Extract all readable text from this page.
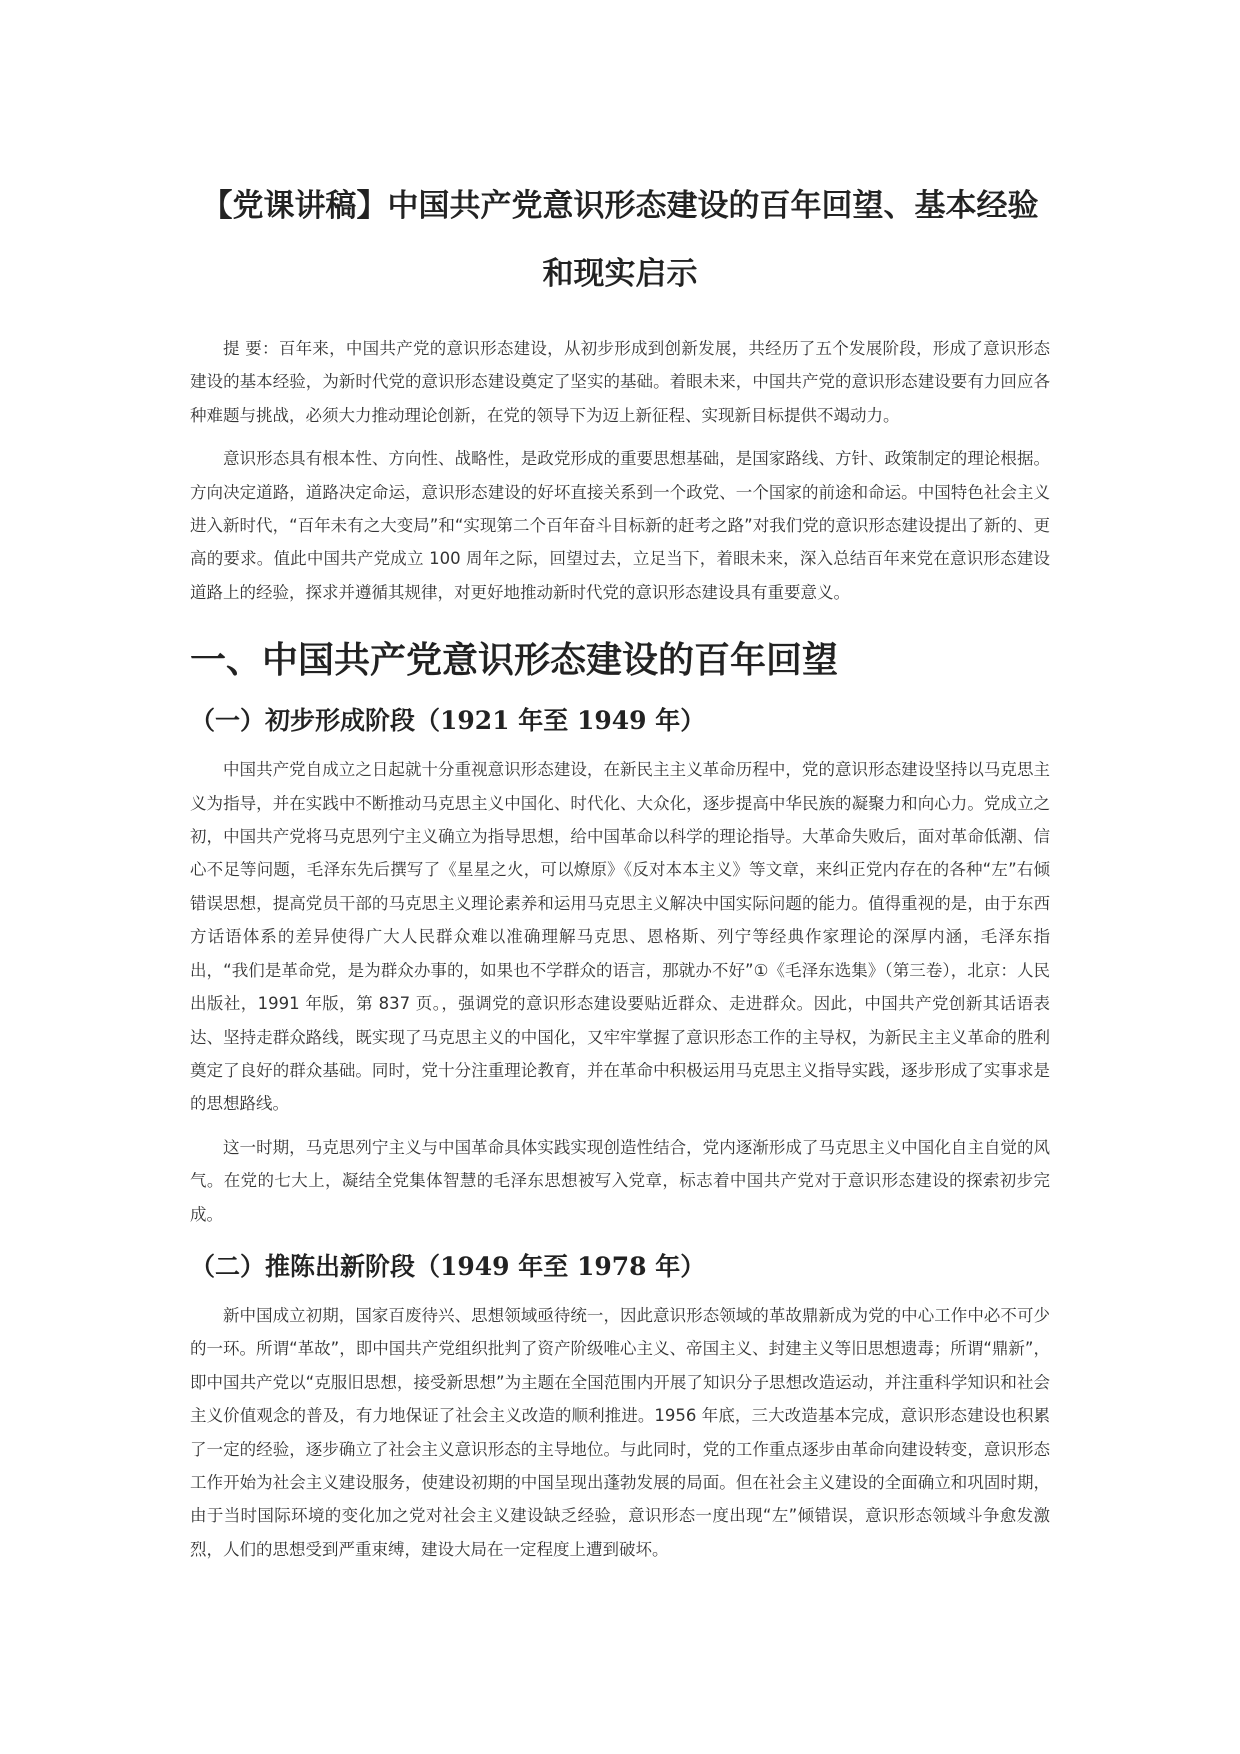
【党课讲稿】中国共产党意识形态建设的百年回望、基本经验和现实启示

提 要：百年来，中国共产党的意识形态建设，从初步形成到创新发展，共经历了五个发展阶段，形成了意识形态建设的基本经验，为新时代党的意识形态建设奠定了坚实的基础。着眼未来，中国共产党的意识形态建设要有力回应各种难题与挑战，必须大力推动理论创新，在党的领导下为迈上新征程、实现新目标提供不竭动力。

意识形态具有根本性、方向性、战略性，是政党形成的重要思想基础，是国家路线、方针、政策制定的理论根据。方向决定道路，道路决定命运，意识形态建设的好坏直接关系到一个政党、一个国家的前途和命运。中国特色社会主义进入新时代，“百年未有之大变局”和“实现第二个百年奋斗目标新的赶考之路”对我们党的意识形态建设提出了新的、更高的要求。值此中国共产党成立 100 周年之际，回望过去，立足当下，着眼未来，深入总结百年来党在意识形态建设道路上的经验，探求并遵循其规律，对更好地推动新时代党的意识形态建设具有重要意义。

一、中国共产党意识形态建设的百年回望
（一）初步形成阶段（1921 年至 1949 年）

中国共产党自成立之日起就十分重视意识形态建设，在新民主主义革命历程中，党的意识形态建设坚持以马克思主义为指导，并在实践中不断推动马克思主义中国化、时代化、大众化，逐步提高中华民族的凝聚力和向心力。党成立之初，中国共产党将马克思列宁主义确立为指导思想，给中国革命以科学的理论指导。大革命失败后，面对革命低潮、信心不足等问题，毛泽东先后撰写了《星星之火，可以燎原》《反对本本主义》等文章，来纠正党内存在的各种“左”右倾错误思想，提高党员干部的马克思主义理论素养和运用马克思主义解决中国实际问题的能力。值得重视的是，由于东西方话语体系的差异使得广大人民群众难以准确理解马克思、恩格斯、列宁等经典作家理论的深厚内涵，毛泽东指出，“我们是革命党，是为群众办事的，如果也不学群众的语言，那就办不好”①《毛泽东选集》（第三卷），北京：人民出版社，1991 年版，第 837 页。，强调党的意识形态建设要贴近群众、走进群众。因此，中国共产党创新其话语表达、坚持走群众路线，既实现了马克思主义的中国化，又牢牢掌握了意识形态工作的主导权，为新民主主义革命的胜利奠定了良好的群众基础。同时，党十分注重理论教育，并在革命中积极运用马克思主义指导实践，逐步形成了实事求是的思想路线。

这一时期，马克思列宁主义与中国革命具体实践实现创造性结合，党内逐渐形成了马克思主义中国化自主自觉的风气。在党的七大上，凝结全党集体智慧的毛泽东思想被写入党章，标志着中国共产党对于意识形态建设的探索初步完成。

（二）推陈出新阶段（1949 年至 1978 年）

新中国成立初期，国家百废待兴、思想领域亟待统一，因此意识形态领域的革故鼎新成为党的中心工作中必不可少的一环。所谓“革故”，即中国共产党组织批判了资产阶级唯心主义、帝国主义、封建主义等旧思想遗毒；所谓“鼎新”，即中国共产党以“克服旧思想，接受新思想”为主题在全国范围内开展了知识分子思想改造运动，并注重科学知识和社会主义价值观念的普及，有力地保证了社会主义改造的顺利推进。1956 年底，三大改造基本完成，意识形态建设也积累了一定的经验，逐步确立了社会主义意识形态的主导地位。与此同时，党的工作重点逐步由革命向建设转变，意识形态工作开始为社会主义建设服务，使建设初期的中国呈现出蓬勃发展的局面。但在社会主义建设的全面确立和巩固时期，由于当时国际环境的变化加之党对社会主义建设缺乏经验，意识形态一度出现“左”倾错误，意识形态领域斗争愈发激烈，人们的思想受到严重束缚，建设大局在一定程度上遭到破坏。
